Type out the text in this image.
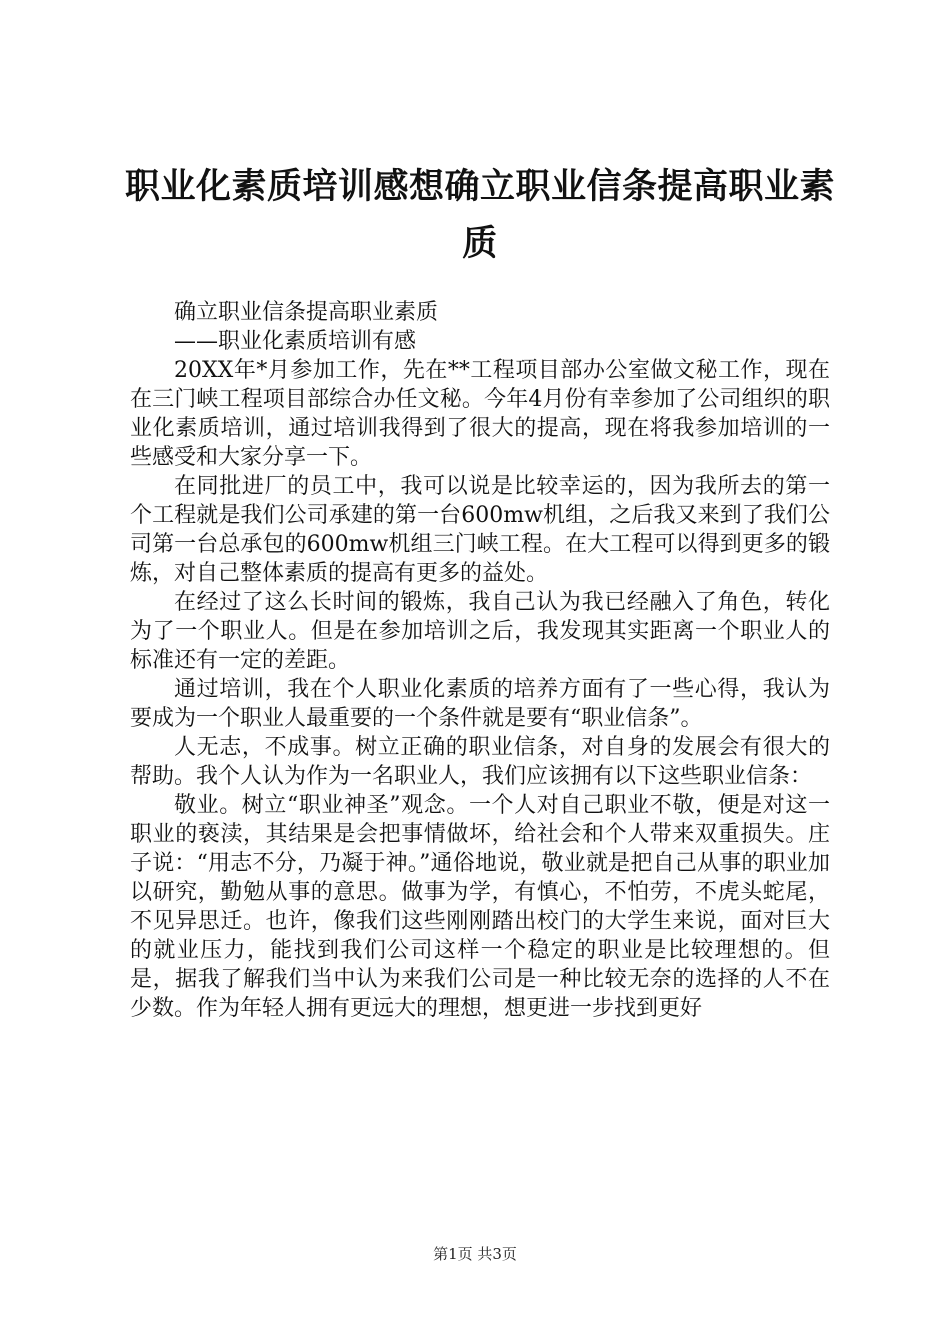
职业化素质培训感想确立职业信条提高职业素质

确立职业信条提高职业素质

——职业化素质培训有感

20XX年*月参加工作，先在**工程项目部办公室做文秘工作，现在在三门峡工程项目部综合办任文秘。今年4月份有幸参加了公司组织的职业化素质培训，通过培训我得到了很大的提高，现在将我参加培训的一些感受和大家分享一下。

在同批进厂的员工中，我可以说是比较幸运的，因为我所去的第一个工程就是我们公司承建的第一台600mw机组，之后我又来到了我们公司第一台总承包的600mw机组三门峡工程。在大工程可以得到更多的锻炼，对自己整体素质的提高有更多的益处。

在经过了这么长时间的锻炼，我自己认为我已经融入了角色，转化为了一个职业人。但是在参加培训之后，我发现其实距离一个职业人的标准还有一定的差距。

通过培训，我在个人职业化素质的培养方面有了一些心得，我认为要成为一个职业人最重要的一个条件就是要有“职业信条”。

人无志，不成事。树立正确的职业信条，对自身的发展会有很大的帮助。我个人认为作为一名职业人，我们应该拥有以下这些职业信条：

敬业。树立“职业神圣”观念。一个人对自己职业不敬，便是对这一职业的亵渎，其结果是会把事情做坏，给社会和个人带来双重损失。庄子说：“用志不分，乃凝于神。”通俗地说，敬业就是把自己从事的职业加以研究，勤勉从事的意思。做事为学，有慎心，不怕劳，不虎头蛇尾，不见异思迁。也许，像我们这些刚刚踏出校门的大学生来说，面对巨大的就业压力，能找到我们公司这样一个稳定的职业是比较理想的。但是，据我了解我们当中认为来我们公司是一种比较无奈的选择的人不在少数。作为年轻人拥有更远大的理想，想更进一步找到更好

第1页 共3页
